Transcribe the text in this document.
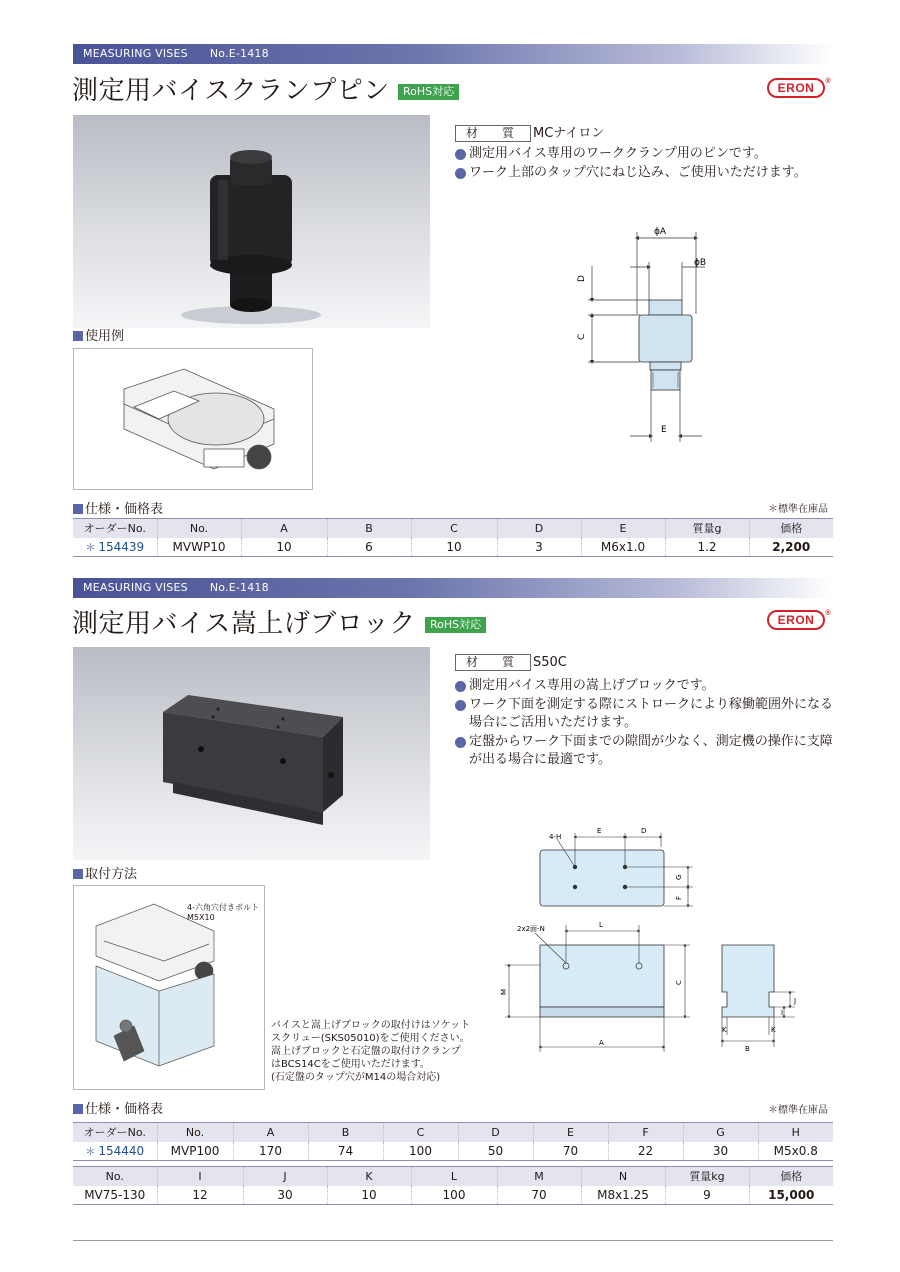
MEASURING VISES No.E-1418
測定用バイスクランプピン	RoHS対応	ERON ®
材　質 MCナイロン
測定用バイス専用のワーククランプ用のピンです。
ワーク上部のタップ穴にねじ込み、ご使用いただけます。
ϕA
ϕB
D
C
E
使用例
仕様・価格表	＊標準在庫品
オーダーNo.	No.	A	B	C	D	E	質量g	価格
＊ 154439	MVWP10	10	6	10	3	M6x1.0	1.2	2,200
MEASURING VISES No.E-1418
測定用バイス嵩上げブロック	RoHS対応	ERON ®
材　質 S50C
測定用バイス専用の嵩上げブロックです。
ワーク下面を測定する際にストロークにより稼働範囲外になる場合にご活用いただけます。
定盤からワーク下面までの隙間が少なく、測定機の操作に支障が出る場合に最適です。
4-H
E	D
G
F
2x2面-N	L
C
M
A
J
I
K	K
B
取付方法
4-六角穴付きボルト
M5X10
バイスと嵩上げブロックの取付けはソケット
スクリュー(SKS05010)をご使用ください。
嵩上げブロックと石定盤の取付けクランプ
はBCS14Cをご使用いただけます。
(石定盤のタップ穴がM14の場合対応)
仕様・価格表	＊標準在庫品
オーダーNo.	No.	A	B	C	D	E	F	G	H
＊ 154440	MVP100	170	74	100	50	70	22	30	M5x0.8
No.	I	J	K	L	M	N	質量kg	価格
MV75-130	12	30	10	100	70	M8x1.25	9	15,000
